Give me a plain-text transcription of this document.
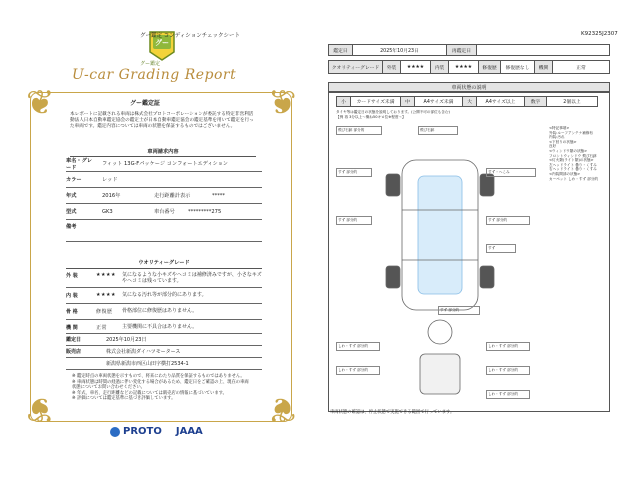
❦	❦
❦	❦
グー
グー鑑定
U-car Grading Report
グー鑑定証
本レポートに記載される車両は株式会社プロトコーポレーションが委託する特定非営利活動法人日本自動車鑑定協会の鑑定士が日本自動車鑑定協会の鑑定基準を用いて鑑定を行った車両です。鑑定内容については車両の状態を保証するものではございません。
車両請求内容
車名・グレード
フィット 13G·Fパッケージ コンフォートエディション
カラー	レッド
年式	2016年	走行距離計表示	*****
型式	GK3	車台番号	*********275
備考
ウオリティーグレード
外 装	★★★★	気になるような小キズやヘコミは補修済みですが、小さなキズやヘコミは残っています。
内 装	★★★★	気になる汚れ等が部分的にあります。
骨 格	修復歴	骨格部位に修復歴はありません。
機 関	正常	主要機関に不具合はありません。
鑑定日	2025年10月23日
販売店	株式会社新潟ダイハツモータース
新潟県新潟市西区山田字横打2534-1
※ 鑑定時点の車両状態を示すもので、将来にわたり品質を保証するものではありません。
※ 車両状態は時間の経過に伴い変化する場合があるため、鑑定日をご確認の上、現在の車両状態についてお問い合わせください。
※ 年式、車名、走行距離などの記載については販売店の情報に基づいています。
※ 評価については鑑定基準に基づき評価しています。
PROTO JAAA
グー鑑定 コンディションチェックシート	K92325J2307
鑑定日	2025年10月23日	再鑑定日
クオリティーグレード	外装	★★★★	内装	★★★★	修復歴	修復歴なし	機関	正常
車両状態の説明
小	カードサイズ未満	中	A4サイズ未満	大	A4サイズ以上	数字	2個以上
タイヤ等は鑑定日の状態を説明しております。(公開不可の部位も含む)
【例 再 3分以上〜概ね50キロ位※程度〜】
飛び石跡 部分的	飛び石跡
すず 部分的
すず 部分的
すず・へこみ
すず 部分的
すず
すず 部分的
しわ・すず 部分的	しわ・すず 部分的
しわ・すず 部分的	しわ・すず 部分的
しわ・すず 部分的
<特記事項>
外装:ルーフアンテナ補修有
内装:汚れ
<下回りの状態>
良好
<ウィンドウ類の状態>
フロントウィンドウ 飛び石跡
<灯火類(ライト類)の状態>
左ヘッドライト 曇り・くすみ
右ヘッドライト 曇り・くすみ
<内装間部の状態>
カーペット しわ・すず 部分的
車両状態の確認は、停止状態で実施できる範囲で行っています。
